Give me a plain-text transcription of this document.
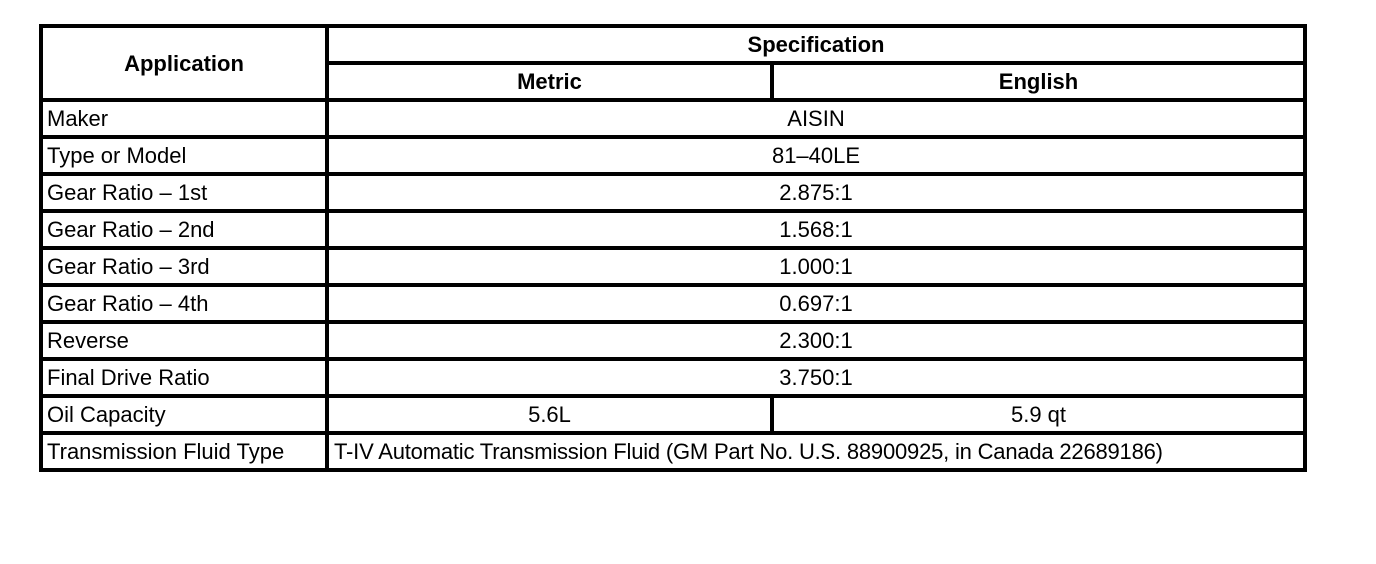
Application	Specification	
	Metric	English
Maker	AISIN	
Type or Model	81–40LE	
Gear Ratio – 1st	2.875:1	
Gear Ratio – 2nd	1.568:1	
Gear Ratio – 3rd	1.000:1	
Gear Ratio – 4th	0.697:1	
Reverse	2.300:1	
Final Drive Ratio	3.750:1	
Oil Capacity	5.6L	5.9 qt
Transmission Fluid Type	T-IV Automatic Transmission Fluid (GM Part No. U.S. 88900925, in Canada 22689186)	
